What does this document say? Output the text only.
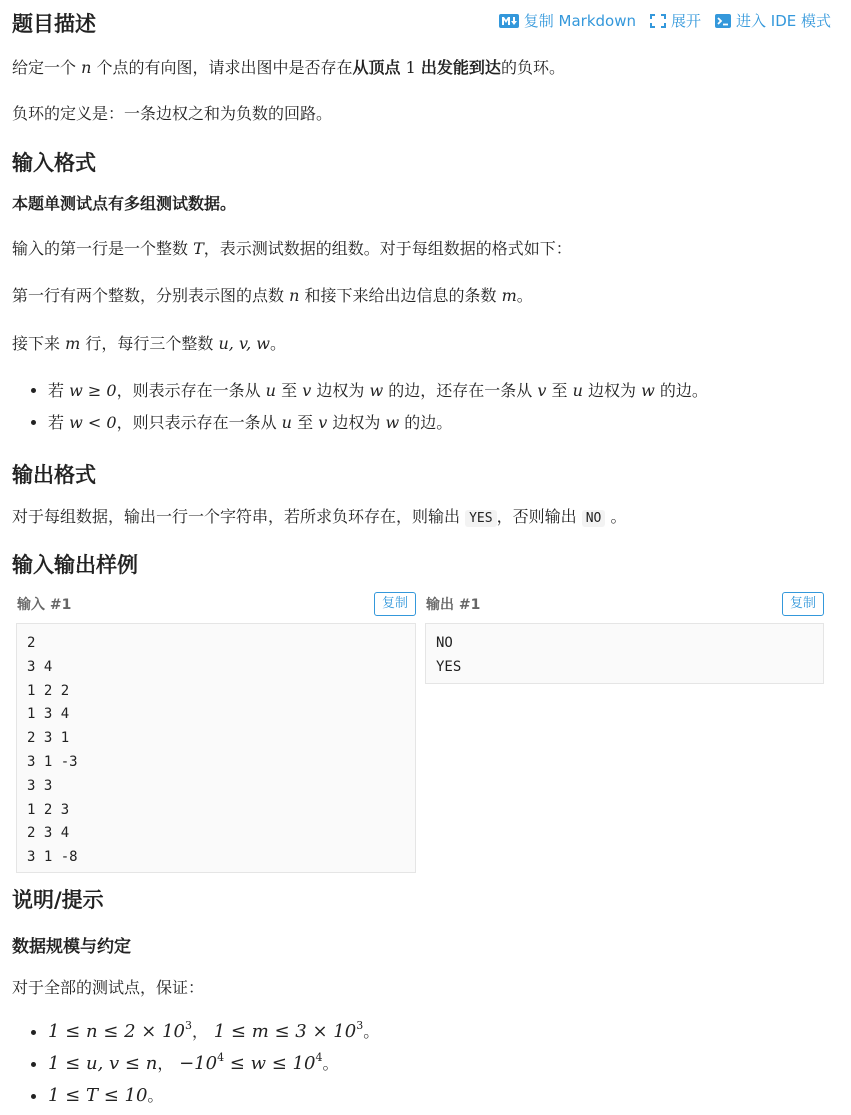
题目描述	复制 Markdown 展开 进入 IDE 模式

给定一个 n 个点的有向图，请求出图中是否存在从顶点 1 出发能到达的负环。

负环的定义是：一条边权之和为负数的回路。

输入格式

本题单测试点有多组测试数据。

输入的第一行是一个整数 T，表示测试数据的组数。对于每组数据的格式如下：

第一行有两个整数，分别表示图的点数 n 和接下来给出边信息的条数 m。

接下来 m 行，每行三个整数 u, v, w。

• 若 w ≥ 0，则表示存在一条从 u 至 v 边权为 w 的边，还存在一条从 v 至 u 边权为 w 的边。
• 若 w < 0，则只表示存在一条从 u 至 v 边权为 w 的边。
输出格式

对于每组数据，输出一行一个字符串，若所求负环存在，则输出 YES ，否则输出 NO 。

输入输出样例
输入 #1	复制
2
3 4
1 2 2
1 3 4
2 3 1
3 1 -3
3 3
1 2 3
2 3 4
3 1 -8
输出 #1	复制
NO
YES
说明/提示
数据规模与约定

对于全部的测试点，保证：

• $1 \le n \le 2 \times 10^3$， $1 \le m \le 3 \times 10^3$。
• 1 ≤ u, v ≤ n， $-10^4 \le w \le 10^4$。
• 1 ≤ T ≤ 10。
